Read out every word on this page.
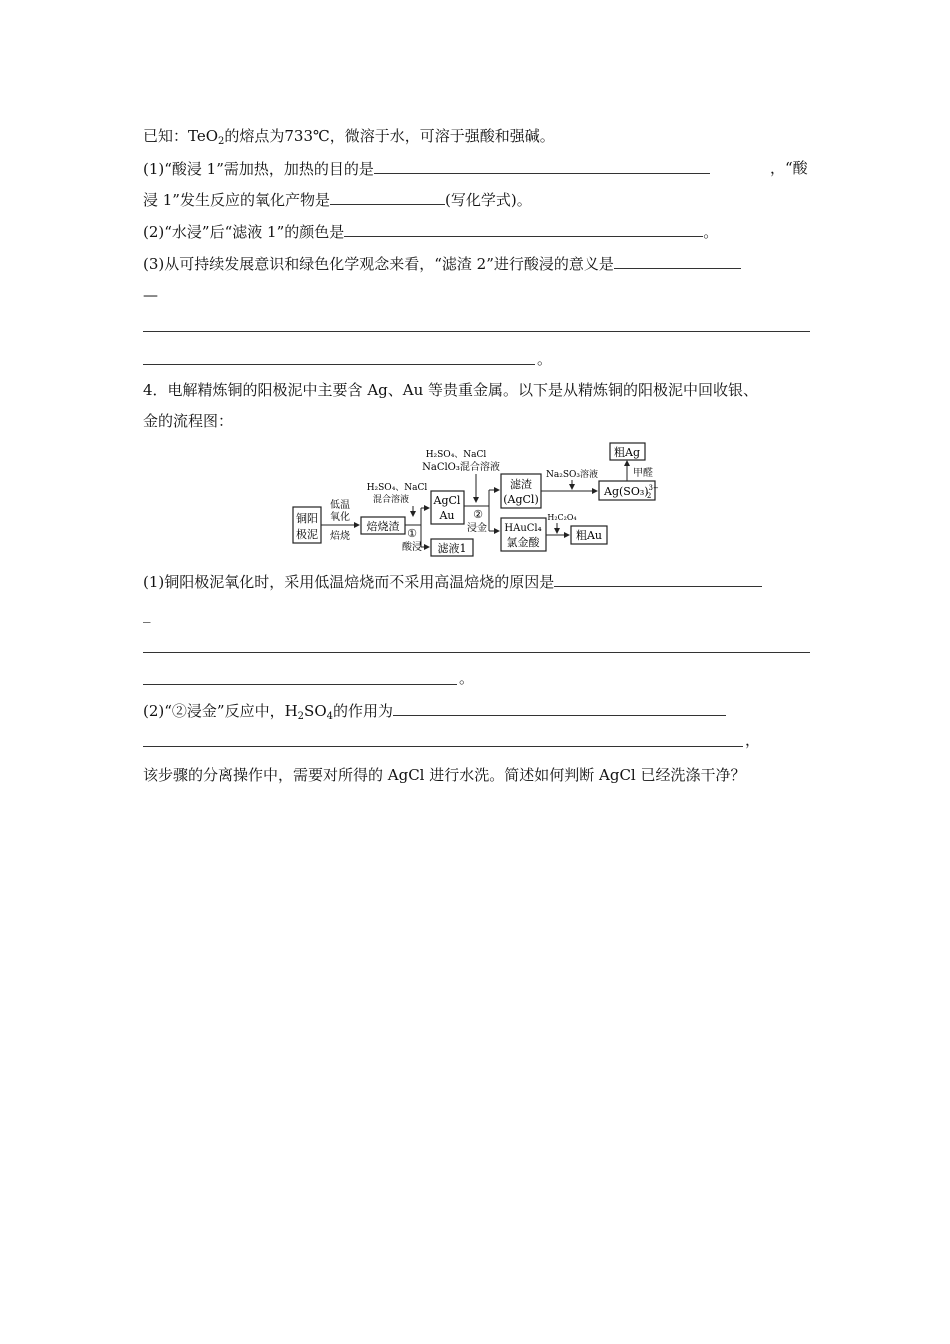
已知：TeO$_2$的熔点为733℃，微溶于水，可溶于强酸和强碱。
(1)“酸浸 1”需加热，加热的目的是	，“酸
浸 1”发生反应的氧化产物是	(写化学式)。
(2)“水浸”后“滤液 1”的颜色是	。
(3)从可持续发展意识和绿色化学观念来看，“滤渣 2”进行酸浸的意义是
—
。
4．电解精炼铜的阳极泥中主要含 Ag、Au 等贵重金属。以下是从精炼铜的阳极泥中回收银、
金的流程图：
铜阳
极泥
低温
氧化
焙烧
焙烧渣
H₂SO₄、NaCl
混合溶液
①
酸浸
AgCl
Au
滤液1
H₂SO₄、NaCl
NaClO₃混合溶液
②
浸金
滤渣
(AgCl)
Na₂SO₃溶液
$Ag(SO_3)^{3-}$ 2
甲醛
粗Ag
HAuCl₄
氯金酸
H₂C₂O₄
粗Au
(1)铜阳极泥氧化时，采用低温焙烧而不采用高温焙烧的原因是
_
。
(2)“②浸金”反应中，$H_2SO_4$的作用为
，
该步骤的分离操作中，需要对所得的 AgCl 进行水洗。简述如何判断 AgCl 已经洗涤干净？
